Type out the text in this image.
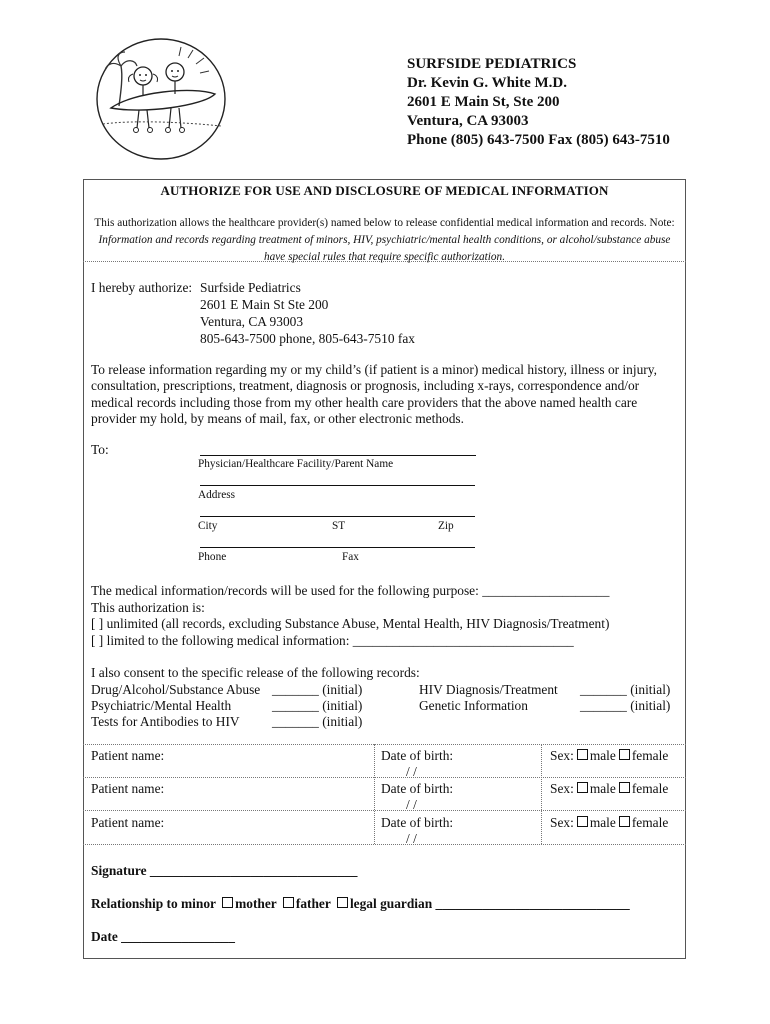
SURFSIDE PEDIATRICS
Dr. Kevin G. White M.D.
2601 E Main St, Ste 200
Ventura, CA 93003
Phone (805) 643-7500 Fax (805) 643-7510
AUTHORIZE FOR USE AND DISCLOSURE OF MEDICAL INFORMATION
This authorization allows the healthcare provider(s) named below to release confidential medical information and records. Note: Information and records regarding treatment of minors, HIV, psychiatric/mental health conditions, or alcohol/substance abuse have special rules that require specific authorization.
I hereby authorize: Surfside Pediatrics
2601 E Main St Ste 200
Ventura, CA 93003
805-643-7500 phone, 805-643-7510 fax
To release information regarding my or my child’s (if patient is a minor) medical history, illness or injury,
consultation, prescriptions, treatment, diagnosis or prognosis, including x-rays, correspondence and/or
medical records including those from my other health care providers that the above named health care
provider my hold, by means of mail, fax, or other electronic methods.
To:
Physician/Healthcare Facility/Parent Name
Address
City	ST	Zip
Phone	Fax
The medical information/records will be used for the following purpose: ___________________
This authorization is:
[ ] unlimited (all records, excluding Substance Abuse, Mental Health, HIV Diagnosis/Treatment)
[ ] limited to the following medical information: _________________________________
I also consent to the specific release of the following records:
Drug/Alcohol/Substance Abuse _______ (initial)	HIV Diagnosis/Treatment _______ (initial)
Psychiatric/Mental Health	_______ (initial)	Genetic Information	_______ (initial)
Tests for Antibodies to HIV _______ (initial)
Patient name:	Date of birth:
/ /
Sex: male female
Patient name:	Date of birth:
/ /
Sex: male female
Patient name:	Date of birth:
/ /
Sex: male female
Signature _______________________________
Relationship to minor mother father legal guardian _____________________________
Date _________________
